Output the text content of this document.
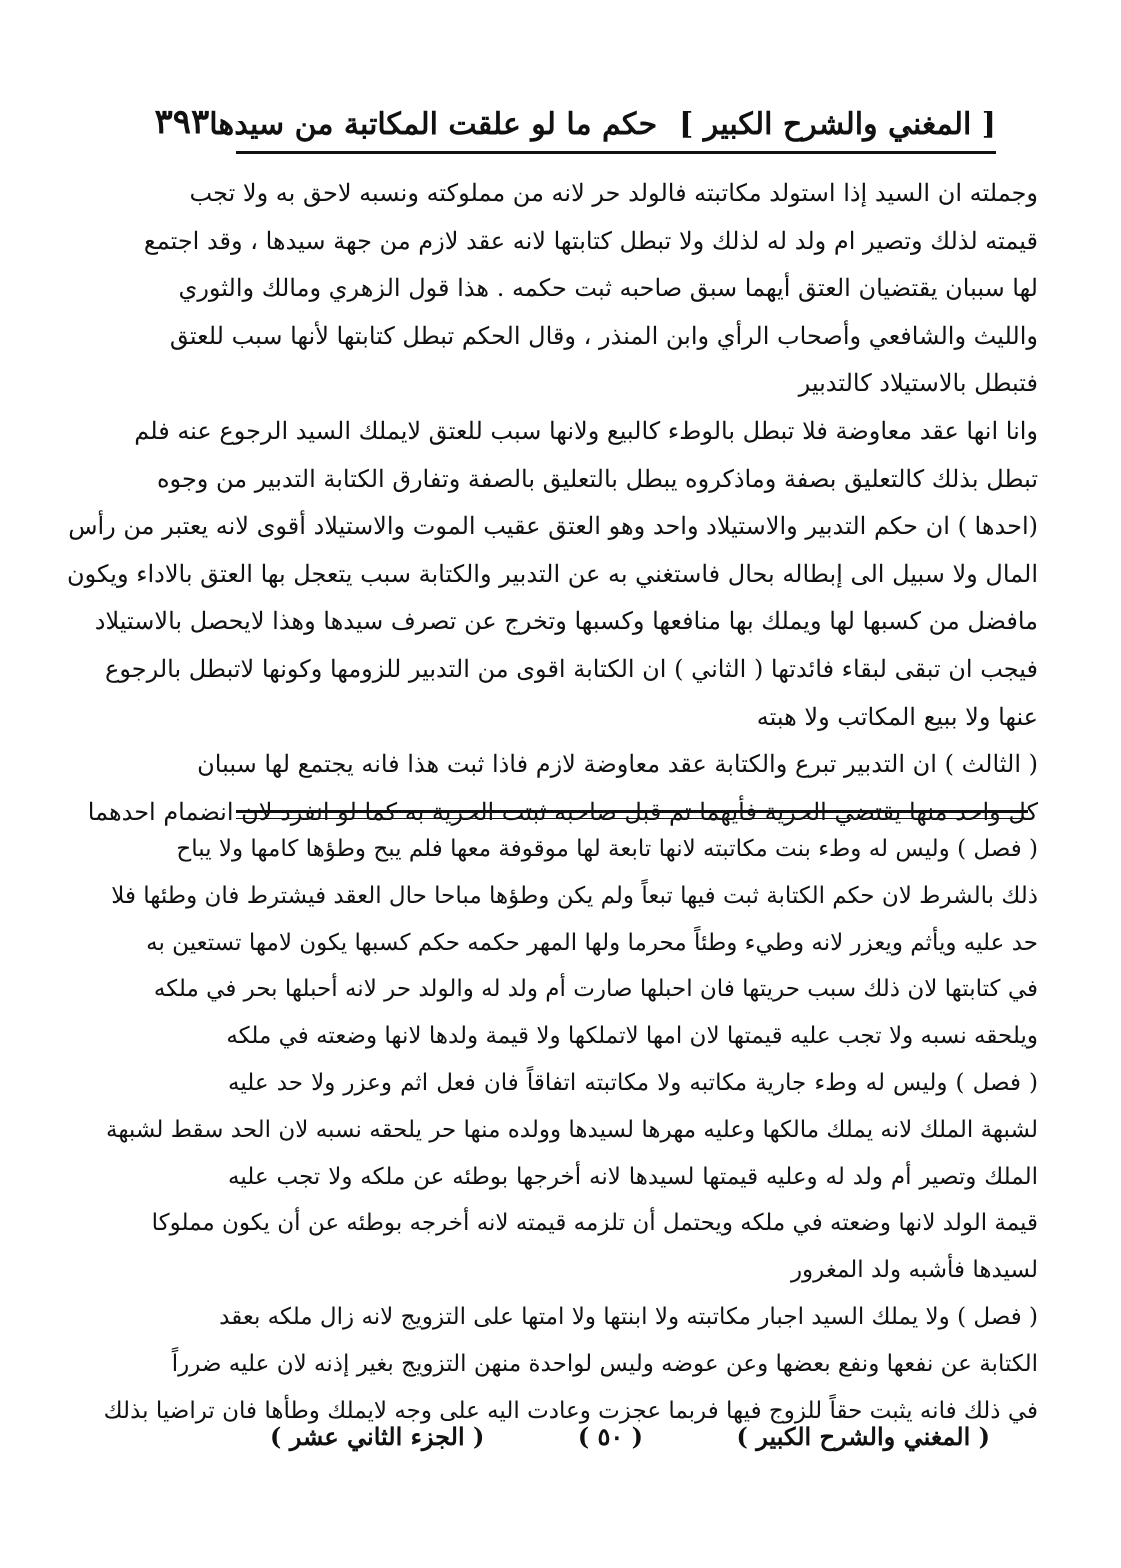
[ المغني والشرح الكبير ]
حكم ما لو علقت المكاتبة من سيدها
٣٩٣

وجملته ان السيد إذا استولد مكاتبته فالولد حر لانه من مملوكته ونسبه لاحق به ولا تجب

قيمته لذلك وتصير ام ولد له لذلك ولا تبطل كتابتها لانه عقد لازم من جهة سيدها ، وقد اجتمع

لها سببان يقتضيان العتق أيهما سبق صاحبه ثبت حكمه . هذا قول الزهري ومالك والثوري

والليث والشافعي وأصحاب الرأي وابن المنذر ، وقال الحكم تبطل كتابتها لأنها سبب للعتق

فتبطل بالاستيلاد كالتدبير

وانا انها عقد معاوضة فلا تبطل بالوطء كالبيع ولانها سبب للعتق لايملك السيد الرجوع عنه فلم

تبطل بذلك كالتعليق بصفة وماذكروه يبطل بالتعليق بالصفة وتفارق الكتابة التدبير من وجوه

(احدها ) ان حكم التدبير والاستيلاد واحد وهو العتق عقيب الموت والاستيلاد أقوى لانه يعتبر من رأس

المال ولا سبيل الى إبطاله بحال فاستغني به عن التدبير والكتابة سبب يتعجل بها العتق بالاداء ويكون

مافضل من كسبها لها ويملك بها منافعها وكسبها وتخرج عن تصرف سيدها وهذا لايحصل بالاستيلاد

فيجب ان تبقى لبقاء فائدتها ( الثاني ) ان الكتابة اقوى من التدبير للزومها وكونها لاتبطل بالرجوع

عنها ولا ببيع المكاتب ولا هبته

( الثالث ) ان التدبير تبرع والكتابة عقد معاوضة لازم فاذا ثبت هذا فانه يجتمع لها سببان

كل واحد منها يقتضي الحرية فأيهما تم قبل صاحبه ثبتت الحرية به كما لو انفرد لان انضمام احدهما

( فصل ) وليس له وطء بنت مكاتبته لانها تابعة لها موقوفة معها فلم يبح وطؤها كامها ولا يباح

ذلك بالشرط لان حكم الكتابة ثبت فيها تبعاً ولم يكن وطؤها مباحا حال العقد فيشترط فان وطئها فلا

حد عليه ويأثم ويعزر لانه وطيء وطئاً محرما ولها المهر حكمه حكم كسبها يكون لامها تستعين به

في كتابتها لان ذلك سبب حريتها فان احبلها صارت أم ولد له والولد حر لانه أحبلها بحر في ملكه

ويلحقه نسبه ولا تجب عليه قيمتها لان امها لاتملكها ولا قيمة ولدها لانها وضعته في ملكه

( فصل ) وليس له وطء جارية مكاتبه ولا مكاتبته اتفاقاً فان فعل اثم وعزر ولا حد عليه

لشبهة الملك لانه يملك مالكها وعليه مهرها لسيدها وولده منها حر يلحقه نسبه لان الحد سقط لشبهة

الملك وتصير أم ولد له وعليه قيمتها لسيدها لانه أخرجها بوطئه عن ملكه ولا تجب عليه

قيمة الولد لانها وضعته في ملكه ويحتمل أن تلزمه قيمته لانه أخرجه بوطئه عن أن يكون مملوكا

لسيدها فأشبه ولد المغرور

( فصل ) ولا يملك السيد اجبار مكاتبته ولا ابنتها ولا امتها على التزويج لانه زال ملكه بعقد

الكتابة عن نفعها ونفع بعضها وعن عوضه وليس لواحدة منهن التزويج بغير إذنه لان عليه ضرراً

في ذلك فانه يثبت حقاً للزوج فيها فربما عجزت وعادت اليه على وجه لايملك وطأها فان تراضيا بذلك

( المغني والشرح الكبير )
( ٥٠ )
( الجزء الثاني عشر )
